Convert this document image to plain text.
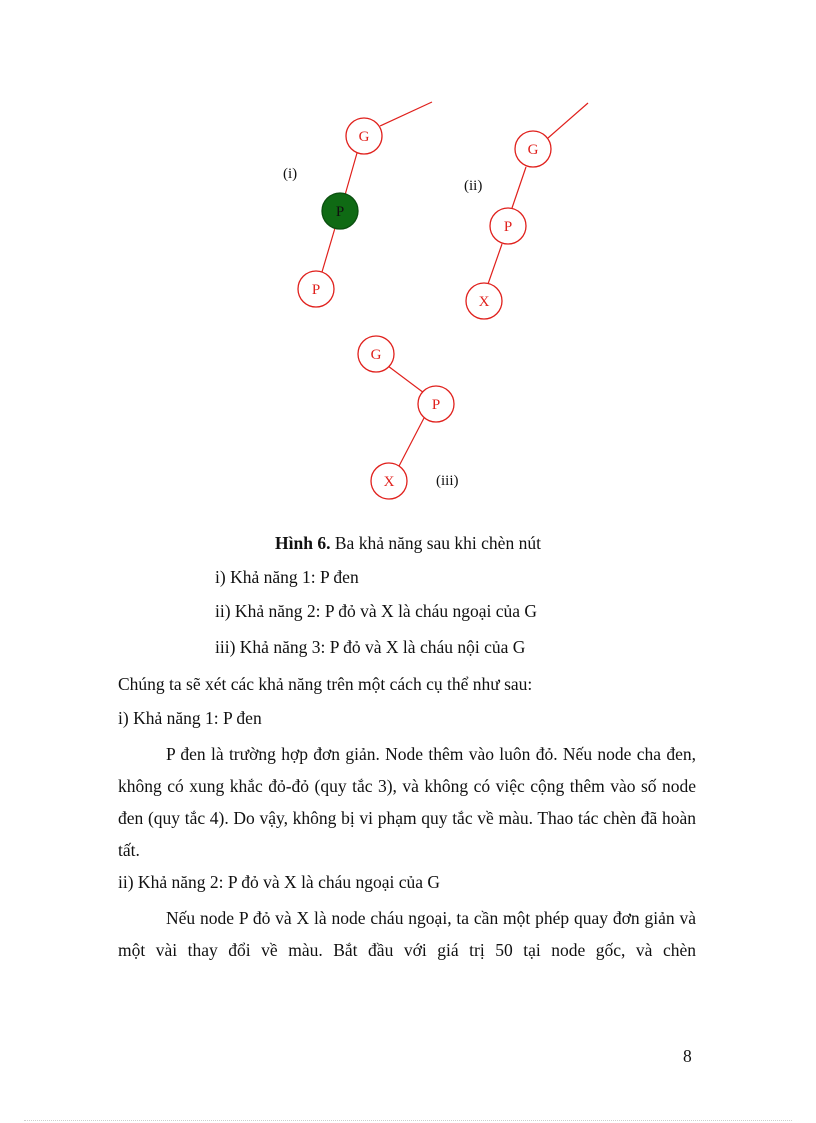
G
P
P
(i)
G
P
X
(ii)
G
P
X	(iii)
Hình 6. Ba khả năng sau khi chèn nút
i) Khả năng 1: P đen
ii) Khả năng 2: P đỏ và X là cháu ngoại của G
iii) Khả năng 3: P đỏ và X là cháu nội của G
Chúng ta sẽ xét các khả năng trên một cách cụ thể như sau:
i) Khả năng 1: P đen
P đen là trường hợp đơn giản. Node thêm vào luôn đỏ. Nếu node cha đen, không có xung khắc đỏ-đỏ (quy tắc 3), và không có việc cộng thêm vào số node đen (quy tắc 4). Do vậy, không bị vi phạm quy tắc về màu. Thao tác chèn đã hoàn tất.
ii) Khả năng 2: P đỏ và X là cháu ngoại của G
Nếu node P đỏ và X là node cháu ngoại, ta cần một phép quay đơn giản và một vài thay đổi về màu. Bắt đầu với giá trị 50 tại node gốc, và chèn
8
